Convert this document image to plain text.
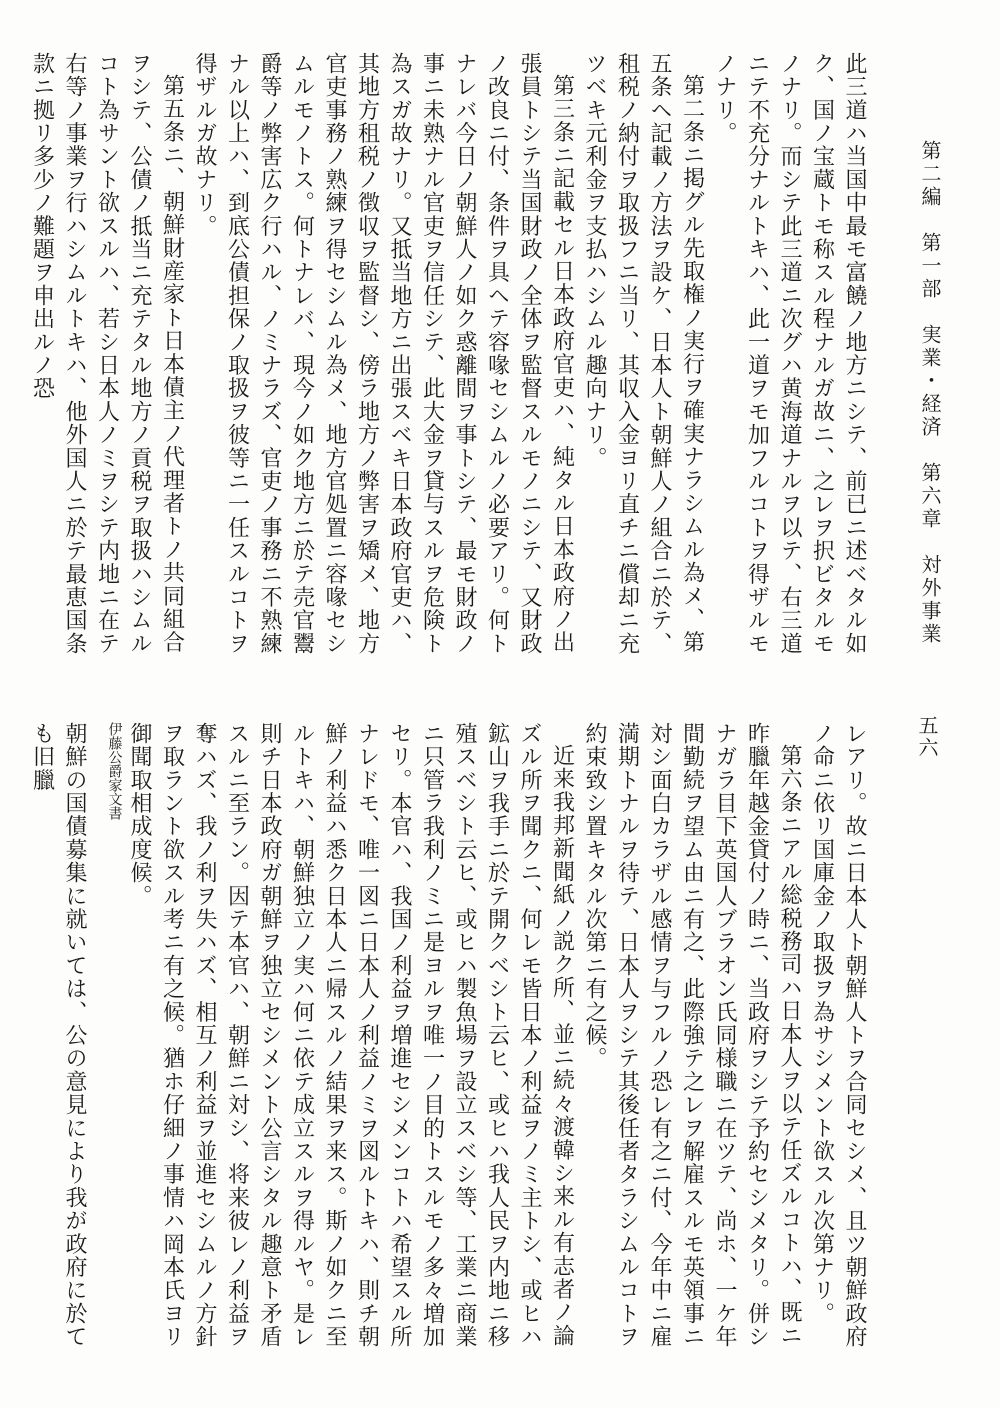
第二編　第一部　実業・経済　第六章　対外事業
五六

此三道ハ当国中最モ富饒ノ地方ニシテ、前已ニ述ベタル如ク、国ノ宝蔵トモ称スル程ナルガ故ニ、之レヲ択ビタルモノナリ。而シテ此三道ニ次グハ黄海道ナルヲ以テ、右三道ニテ不充分ナルトキハ、此一道ヲモ加フルコトヲ得ザルモノナリ。

第二条ニ掲グル先取権ノ実行ヲ確実ナラシムル為メ、第五条ヘ記載ノ方法ヲ設ケ、日本人ト朝鮮人ノ組合ニ於テ、租税ノ納付ヲ取扱フニ当リ、其収入金ヨリ直チニ償却ニ充ツベキ元利金ヲ支払ハシムル趣向ナリ。

第三条ニ記載セル日本政府官吏ハ、純タル日本政府ノ出張員トシテ当国財政ノ全体ヲ監督スルモノニシテ、又財政ノ改良ニ付、条件ヲ具ヘテ容喙セシムルノ必要アリ。何トナレバ今日ノ朝鮮人ノ如ク惑離間ヲ事トシテ、最モ財政ノ事ニ未熟ナル官吏ヲ信任シテ、此大金ヲ貸与スルヲ危険ト為スガ故ナリ。又抵当地方ニ出張スベキ日本政府官吏ハ、其地方租税ノ徴収ヲ監督シ、傍ラ地方ノ弊害ヲ矯メ、地方官吏事務ノ熟練ヲ得セシムル為メ、地方官処置ニ容喙セシムルモノトス。何トナレバ、現今ノ如ク地方ニ於テ売官鬻爵等ノ弊害広ク行ハル、ノミナラズ、官吏ノ事務ニ不熟練ナル以上ハ、到底公債担保ノ取扱ヲ彼等ニ一任スルコトヲ得ザルガ故ナリ。

第五条ニ、朝鮮財産家ト日本債主ノ代理者トノ共同組合ヲシテ、公債ノ抵当ニ充テタル地方ノ貢税ヲ取扱ハシムルコト為サント欲スルハ、若シ日本人ノミヲシテ内地ニ在テ右等ノ事業ヲ行ハシムルトキハ、他外国人ニ於テ最恵国条款ニ拠リ多少ノ難題ヲ申出ルノ恐

レアリ。故ニ日本人ト朝鮮人トヲ合同セシメ、且ツ朝鮮政府ノ命ニ依リ国庫金ノ取扱ヲ為サシメント欲スル次第ナリ。

第六条ニアル総税務司ハ日本人ヲ以テ任ズルコトハ、既ニ昨臘年越金貸付ノ時ニ、当政府ヲシテ予約セシメタリ。併シナガラ目下英国人ブラオン氏同様職ニ在ツテ、尚ホ、一ケ年間勤続ヲ望ム由ニ有之、此際強テ之レヲ解雇スルモ英領事ニ対シ面白カラザル感情ヲ与フルノ恐レ有之ニ付、今年中ニ雇満期トナルヲ待テ、日本人ヲシテ其後任者タラシムルコトヲ約束致シ置キタル次第ニ有之候。

近来我邦新聞紙ノ説ク所、並ニ続々渡韓シ来ル有志者ノ論ズル所ヲ聞クニ、何レモ皆日本ノ利益ヲノミ主トシ、或ヒハ鉱山ヲ我手ニ於テ開クベシト云ヒ、或ヒハ我人民ヲ内地ニ移殖スベシト云ヒ、或ヒハ製魚場ヲ設立スベシ等、工業ニ商業ニ只管ラ我利ノミニ是ヨルヲ唯一ノ目的トスルモノ多々増加セリ。本官ハ、我国ノ利益ヲ増進セシメンコトハ希望スル所ナレドモ、唯一図ニ日本人ノ利益ノミヲ図ルトキハ、則チ朝鮮ノ利益ハ悉ク日本人ニ帰スルノ結果ヲ来ス。斯ノ如クニ至ルトキハ、朝鮮独立ノ実ハ何ニ依テ成立スルヲ得ルヤ。是レ則チ日本政府ガ朝鮮ヲ独立セシメント公言シタル趣意ト矛盾スルニ至ラン。因テ本官ハ、朝鮮ニ対シ、将来彼レノ利益ヲ奪ハズ、我ノ利ヲ失ハズ、相互ノ利益ヲ並進セシムルノ方針ヲ取ラント欲スル考ニ有之候。猶ホ仔細ノ事情ハ岡本氏ヨリ御聞取相成度候。

伊藤公爵家文書

朝鮮の国債募集に就いては、公の意見により我が政府に於ても旧臘
